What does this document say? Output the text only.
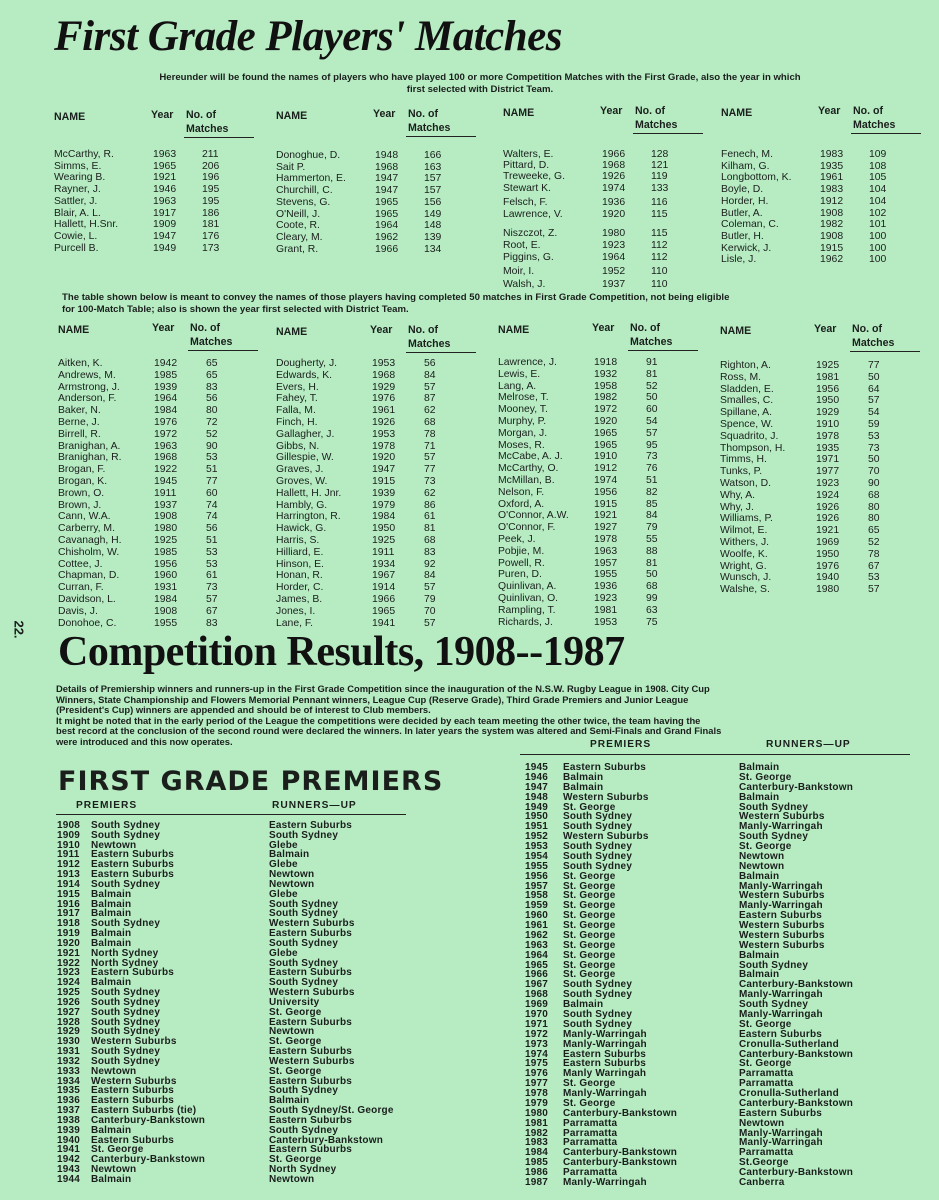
22.
First Grade Players' Matches
Hereunder will be found the names of players who have played 100 or more Competition Matches with the First Grade, also the year in which
first selected with District Team.
NAME	Year No. of
Matches
McCarthy, R.	1963 211
Simms, E.	1965 206
Wearing B.	1921 196
Rayner, J.	1946 195
Sattler, J.	1963 195
Blair, A. L.	1917 186
Hallett, H.Snr.	1909 181
Cowie, L.	1947 176
Purcell B.	1949 173
NAME	Year No. of
Matches
Donoghue, D.	1948 166
Sait P.	1968 163
Hammerton, E.	1947 157
Churchill, C.	1947 157
Stevens, G.	1965 156
O'Neill, J.	1965 149
Coote, R.	1964 148
Cleary, M.	1962 139
Grant, R.	1966 134
NAME	Year No. of
Matches
Walters, E.	1966 128
Pittard, D.	1968 121
Treweeke, G.	1926 119
Stewart K.	1974 133
Felsch, F.	1936 116
Lawrence, V.	1920 115
Niszczot, Z.	1980 115
Root, E.	1923 112
Piggins, G.	1964 112
Moir, I.	1952 110
Walsh, J.	1937 110
NAME	Year No. of
Matches
Fenech, M.	1983 109
Kilham, G.	1935 108
Longbottom, K.	1961 105
Boyle, D.	1983 104
Horder, H.	1912 104
Butler, A.	1908 102
Coleman, C.	1982 101
Butler, H.	1908 100
Kerwick, J.	1915 100
Lisle, J.	1962 100
The table shown below is meant to convey the names of those players having completed 50 matches in First Grade Competition, not being eligible
for 100-Match Table; also is shown the year first selected with District Team.
NAME	Year No. of
Matches
Aitken, K.	1942	65
Andrews, M.	1985	65
Armstrong, J.	1939	83
Anderson, F.	1964	56
Baker, N.	1984	80
Berne, J.	1976	72
Birrell, R.	1972	52
Branighan, A.	1963	90
Branighan, R.	1968	53
Brogan, F.	1922	51
Brogan, K.	1945	77
Brown, O.	1911	60
Brown, J.	1937	74
Cann, W.A.	1908	74
Carberry, M.	1980	56
Cavanagh, H.	1925	51
Chisholm, W.	1985	53
Cottee, J.	1956	53
Chapman, D.	1960	61
Curran, F.	1931	73
Davidson, L.	1984	57
Davis, J.	1908	67
Donohoe, C.	1955	83
NAME	Year No. of
Matches
Dougherty, J.	1953	56
Edwards, K.	1968	84
Evers, H.	1929	57
Fahey, T.	1976	87
Falla, M.	1961	62
Finch, H.	1926	68
Gallagher, J.	1953	78
Gibbs, N.	1978	71
Gillespie, W.	1920	57
Graves, J.	1947	77
Groves, W.	1915	73
Hallett, H. Jnr.	1939	62
Hambly, G.	1979	86
Harrington, R.	1984	61
Hawick, G.	1950	81
Harris, S.	1925	68
Hilliard, E.	1911	83
Hinson, E.	1934	92
Honan, R.	1967	84
Horder, C.	1914	57
James, B.	1966	79
Jones, I.	1965	70
Lane, F.	1941	57
NAME	Year No. of
Matches
Lawrence, J.	1918	91
Lewis, E.	1932	81
Lang, A.	1958	52
Melrose, T.	1982	50
Mooney, T.	1972	60
Murphy, P.	1920	54
Morgan, J.	1965	57
Moses, R.	1965	95
McCabe, A. J.	1910	73
McCarthy, O.	1912	76
McMillan, B.	1974	51
Nelson, F.	1956	82
Oxford, A.	1915	85
O'Connor, A.W. 1921	84
O'Connor, F.	1927	79
Peek, J.	1978	55
Pobjie, M.	1963	88
Powell, R.	1957	81
Puren, D.	1955	50
Quinlivan, A.	1936	68
Quinlivan, O.	1923	99
Rampling, T.	1981	63
Richards, J.	1953	75
NAME	Year No. of
Matches
Righton, A.	1925	77
Ross, M.	1981	50
Sladden, E.	1956	64
Smalles, C.	1950	57
Spillane, A.	1929	54
Spence, W.	1910	59
Squadrito, J.	1978	53
Thompson, H.	1935	73
Timms, H.	1971	50
Tunks, P.	1977	70
Watson, D.	1923	90
Why, A.	1924	68
Why, J.	1926	80
Williams, P.	1926	80
Wilmot, E.	1921	65
Withers, J.	1969	52
Woolfe, K.	1950	78
Wright, G.	1976	67
Wunsch, J.	1940	53
Walshe, S.	1980	57
Competition Results, 1908--1987
Details of Premiership winners and runners-up in the First Grade Competition since the inauguration of the N.S.W. Rugby League in 1908. City Cup
Winners, State Championship and Flowers Memorial Pennant winners, League Cup (Reserve Grade), Third Grade Premiers and Junior League
(President's Cup) winners are appended and should be of interest to Club members.
It might be noted that in the early period of the League the competitions were decided by each team meeting the other twice, the team having the
best record at the conclusion of the second round were declared the winners. In later years the system was altered and Semi-Finals and Grand Finals
were introduced and this now operates.
FIRST GRADE PREMIERS
PREMIERS	RUNNERS—UP
PREMIERS	RUNNERS—UP
1908 South Sydney	Eastern Suburbs
1909 South Sydney	South Sydney
1910 Newtown	Glebe
1911 Eastern Suburbs	Balmain
1912 Eastern Suburbs	Glebe
1913 Eastern Suburbs	Newtown
1914 South Sydney	Newtown
1915 Balmain	Glebe
1916 Balmain	South Sydney
1917 Balmain	South Sydney
1918 South Sydney	Western Suburbs
1919 Balmain	Eastern Suburbs
1920 Balmain	South Sydney
1921 North Sydney	Glebe
1922 North Sydney	South Sydney
1923 Eastern Suburbs	Eastern Suburbs
1924 Balmain	South Sydney
1925 South Sydney	Western Suburbs
1926 South Sydney	University
1927 South Sydney	St. George
1928 South Sydney	Eastern Suburbs
1929 South Sydney	Newtown
1930 Western Suburbs	St. George
1931 South Sydney	Eastern Suburbs
1932 South Sydney	Western Suburbs
1933 Newtown	St. George
1934 Western Suburbs	Eastern Suburbs
1935 Eastern Suburbs	South Sydney
1936 Eastern Suburbs	Balmain
1937 Eastern Suburbs (tie)	South Sydney/St. George
1938 Canterbury-Bankstown	Eastern Suburbs
1939 Balmain	South Sydney
1940 Eastern Suburbs	Canterbury-Bankstown
1941 St. George	Eastern Suburbs
1942 Canterbury-Bankstown	St. George
1943 Newtown	North Sydney
1944 Balmain	Newtown
1945 Eastern Suburbs	Balmain
1946 Balmain	St. George
1947 Balmain	Canterbury-Bankstown
1948 Western Suburbs	Balmain
1949 St. George	South Sydney
1950 South Sydney	Western Suburbs
1951 South Sydney	Manly-Warringah
1952 Western Suburbs	South Sydney
1953 South Sydney	St. George
1954 South Sydney	Newtown
1955 South Sydney	Newtown
1956 St. George	Balmain
1957 St. George	Manly-Warringah
1958 St. George	Western Suburbs
1959 St. George	Manly-Warringah
1960 St. George	Eastern Suburbs
1961 St. George	Western Suburbs
1962 St. George	Western Suburbs
1963 St. George	Western Suburbs
1964 St. George	Balmain
1965 St. George	South Sydney
1966 St. George	Balmain
1967 South Sydney	Canterbury-Bankstown
1968 South Sydney	Manly-Warringah
1969 Balmain	South Sydney
1970 South Sydney	Manly-Warringah
1971 South Sydney	St. George
1972 Manly-Warringah	Eastern Suburbs
1973 Manly-Warringah	Cronulla-Sutherland
1974 Eastern Suburbs	Canterbury-Bankstown
1975 Eastern Suburbs	St. George
1976 Manly Warringah	Parramatta
1977 St. George	Parramatta
1978 Manly-Warringah	Cronulla-Sutherland
1979 St. George	Canterbury-Bankstown
1980 Canterbury-Bankstown	Eastern Suburbs
1981 Parramatta	Newtown
1982 Parramatta	Manly-Warringah
1983 Parramatta	Manly-Warringah
1984 Canterbury-Bankstown	Parramatta
1985 Canterbury-Bankstown	St.George
1986 Parramatta	Canterbury-Bankstown
1987 Manly-Warringah	Canberra
